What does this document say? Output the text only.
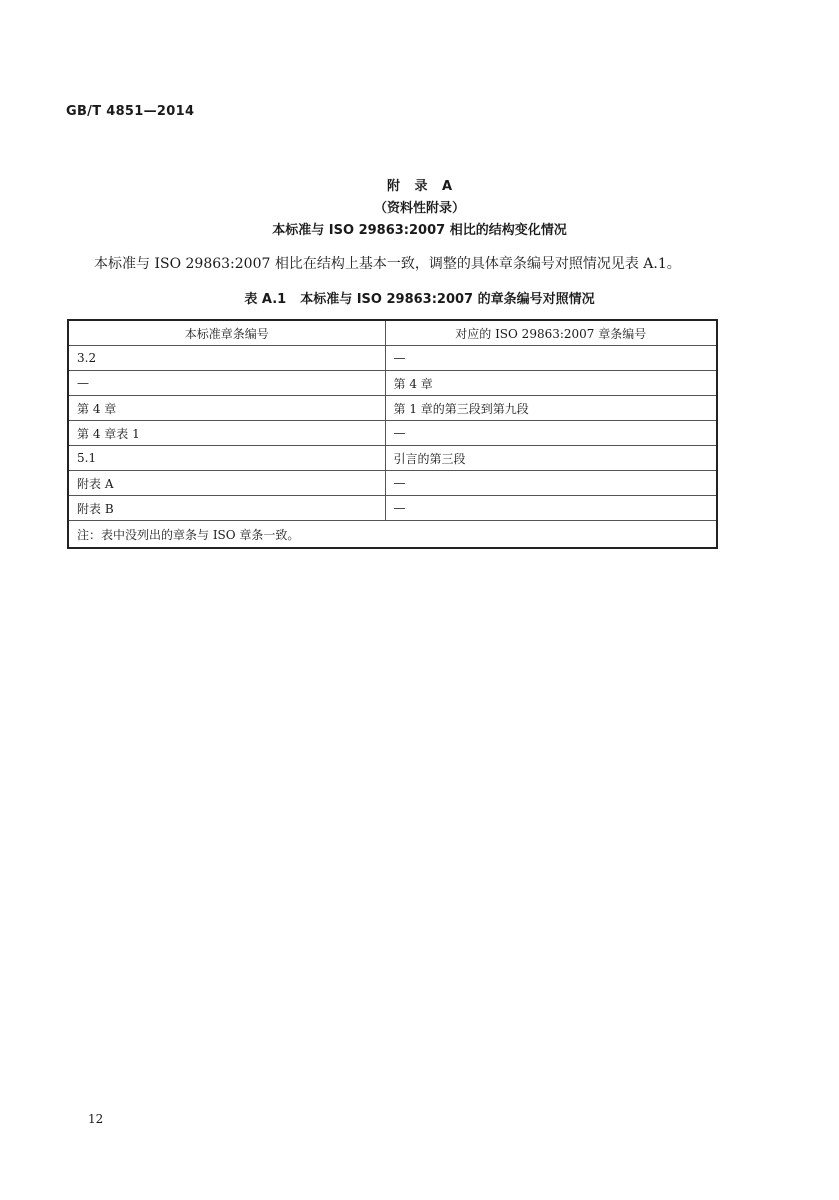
GB/T 4851—2014
附 录 A
（资料性附录）
本标准与 ISO 29863:2007 相比的结构变化情况
本标准与 ISO 29863:2007 相比在结构上基本一致，调整的具体章条编号对照情况见表 A.1。
表 A.1 本标准与 ISO 29863:2007 的章条编号对照情况
本标准章条编号	对应的 ISO 29863:2007 章条编号
3.2	—
—	第 4 章
第 4 章	第 1 章的第三段到第九段
第 4 章表 1	—
5.1	引言的第三段
附表 A	—
附表 B	—
注：表中没列出的章条与 ISO 章条一致。	
12
